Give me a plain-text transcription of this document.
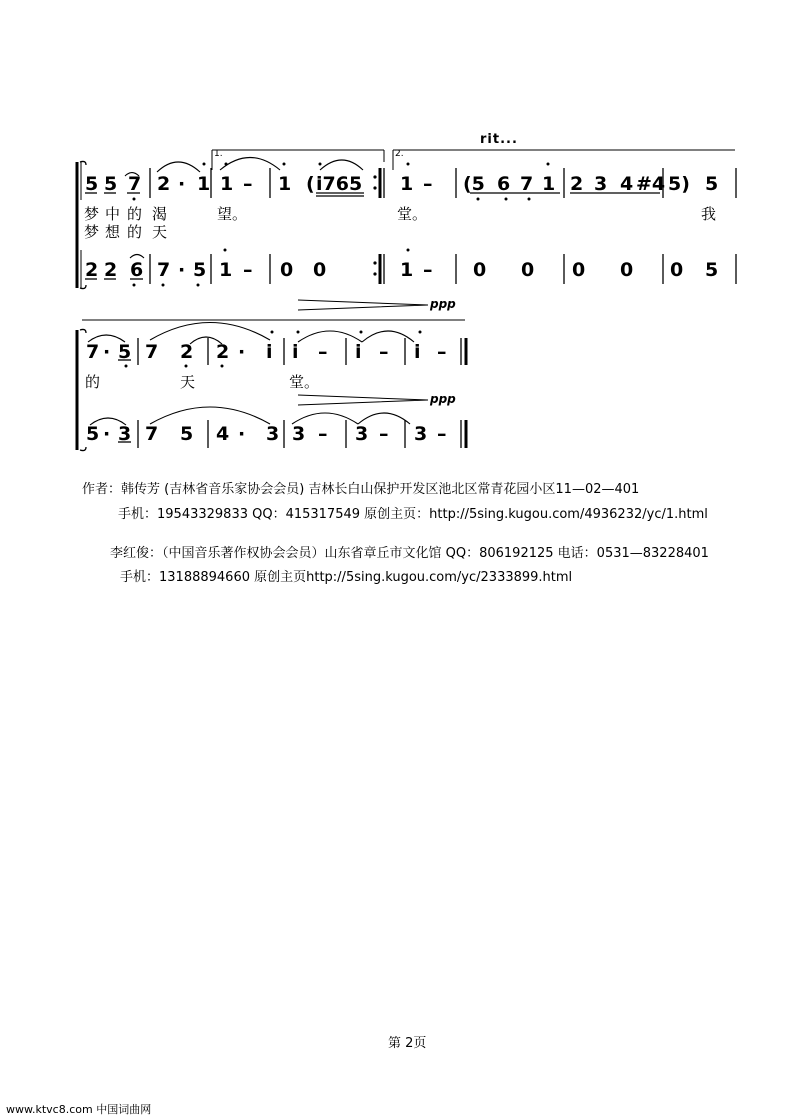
rit...
1.	2.
5 5 7 2 · 1 1 – 1 ( i765 1 – (5 6 7 1 2 3 4 #4 5) 5
梦 中 的 渴	望。	堂。	我
梦 想 的 天
2 2 6 7 · 5 1 – 0 0	1 – 0 0 0 0 0 5
ppp
ppp
7 · 5 7 2 2 · i i – i – i –
的	天	堂。
5 · 3 7 5 4 · 3 3 – 3 – 3 –
作者：韩传芳 (吉林省音乐家协会会员) 吉林长白山保护开发区池北区常青花园小区11—02—401
手机：19543329833 QQ：415317549 原创主页：http://5sing.kugou.com/4936232/yc/1.html
李红俊：（中国音乐著作权协会会员）山东省章丘市文化馆 QQ：806192125 电话：0531—83228401
手机：13188894660 原创主页http://5sing.kugou.com/yc/2333899.html
第 2页
www.ktvc8.com 中国词曲网
